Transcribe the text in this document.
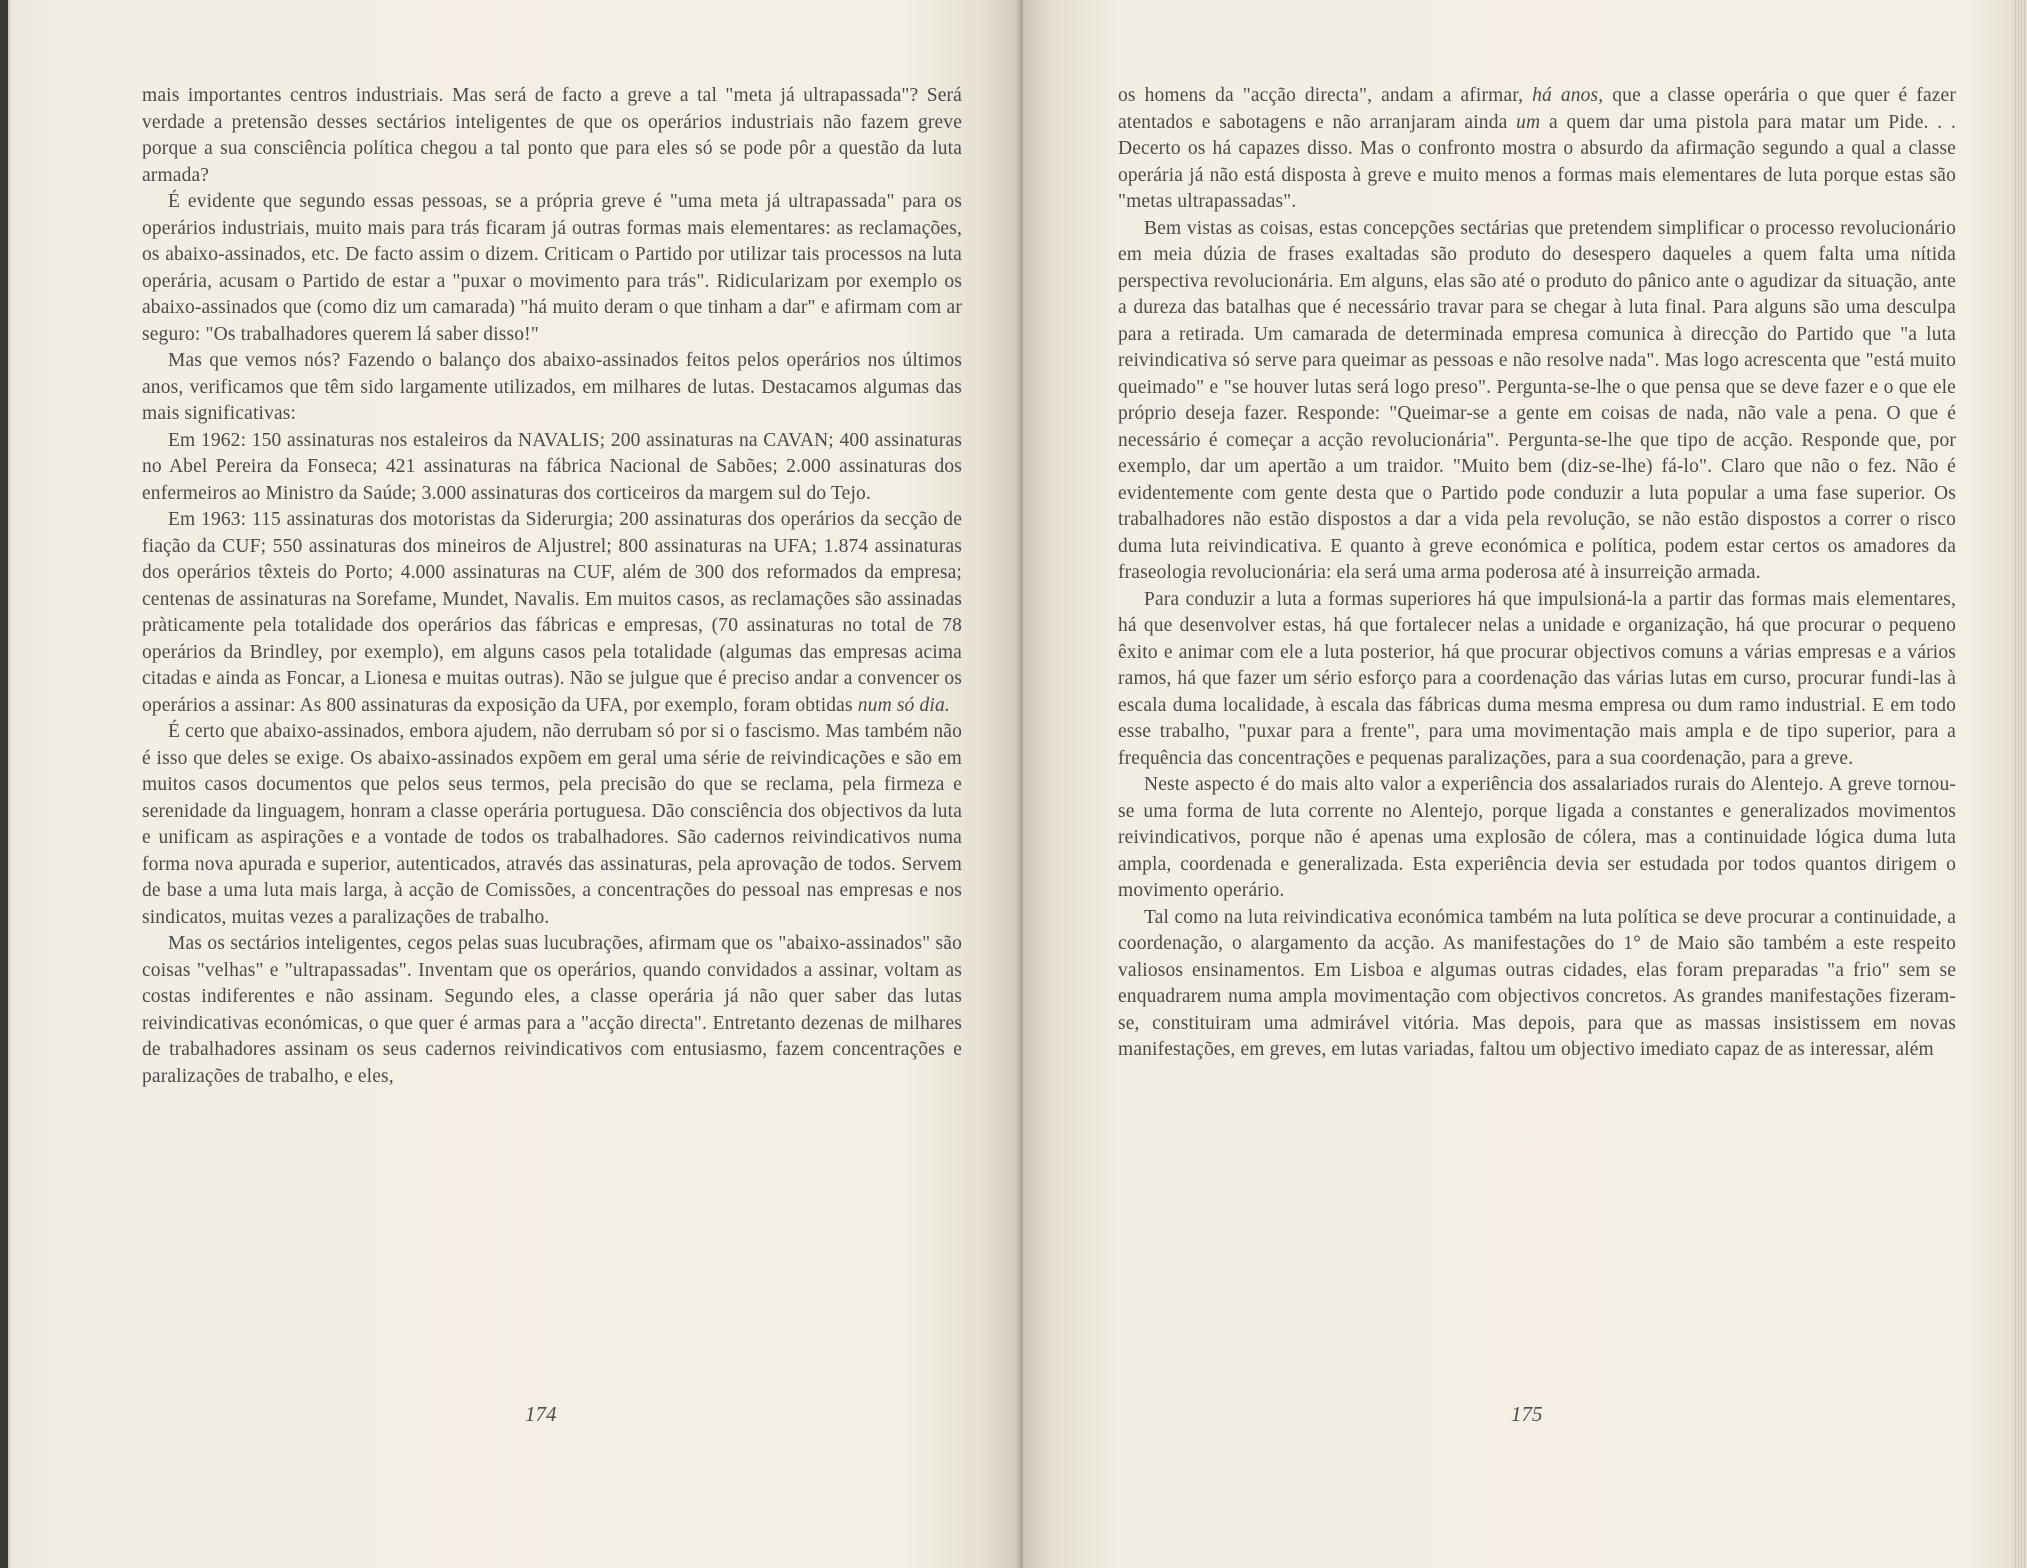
mais importantes centros industriais. Mas será de facto a greve a tal "meta já ultrapassada"? Será verdade a pretensão desses sectários inteligentes de que os operários industriais não fazem greve porque a sua consciência política chegou a tal ponto que para eles só se pode pôr a questão da luta armada?

É evidente que segundo essas pessoas, se a própria greve é "uma meta já ultrapassada" para os operários industriais, muito mais para trás ficaram já outras formas mais elementares: as reclamações, os abaixo-assinados, etc. De facto assim o dizem. Criticam o Partido por utilizar tais processos na luta operária, acusam o Partido de estar a "puxar o movimento para trás". Ridicularizam por exemplo os abaixo-assinados que (como diz um camarada) "há muito deram o que tinham a dar" e afirmam com ar seguro: "Os trabalhadores querem lá saber disso!"

Mas que vemos nós? Fazendo o balanço dos abaixo-assinados feitos pelos operários nos últimos anos, verificamos que têm sido largamente utilizados, em milhares de lutas. Destacamos algumas das mais significativas:

Em 1962: 150 assinaturas nos estaleiros da NAVALIS; 200 assinaturas na CAVAN; 400 assinaturas no Abel Pereira da Fonseca; 421 assinaturas na fábrica Nacional de Sabões; 2.000 assinaturas dos enfermeiros ao Ministro da Saúde; 3.000 assinaturas dos corticeiros da margem sul do Tejo.

Em 1963: 115 assinaturas dos motoristas da Siderurgia; 200 assinaturas dos operários da secção de fiação da CUF; 550 assinaturas dos mineiros de Aljustrel; 800 assinaturas na UFA; 1.874 assinaturas dos operários têxteis do Porto; 4.000 assinaturas na CUF, além de 300 dos reformados da empresa; centenas de assinaturas na Sorefame, Mundet, Navalis. Em muitos casos, as reclamações são assinadas pràticamente pela totalidade dos operários das fábricas e empresas, (70 assinaturas no total de 78 operários da Brindley, por exemplo), em alguns casos pela totalidade (algumas das empresas acima citadas e ainda as Foncar, a Lionesa e muitas outras). Não se julgue que é preciso andar a convencer os operários a assinar: As 800 assinaturas da exposição da UFA, por exemplo, foram obtidas num só dia.

É certo que abaixo-assinados, embora ajudem, não derrubam só por si o fascismo. Mas também não é isso que deles se exige. Os abaixo-assinados expõem em geral uma série de reivindicações e são em muitos casos documentos que pelos seus termos, pela precisão do que se reclama, pela firmeza e serenidade da linguagem, honram a classe operária portuguesa. Dão consciência dos objectivos da luta e unificam as aspirações e a vontade de todos os trabalhadores. São cadernos reivindicativos numa forma nova apurada e superior, autenticados, através das assinaturas, pela aprovação de todos. Servem de base a uma luta mais larga, à acção de Comissões, a concentrações do pessoal nas empresas e nos sindicatos, muitas vezes a paralizações de trabalho.

Mas os sectários inteligentes, cegos pelas suas lucubrações, afirmam que os "abaixo-assinados" são coisas "velhas" e "ultrapassadas". Inventam que os operários, quando convidados a assinar, voltam as costas indiferentes e não assinam. Segundo eles, a classe operária já não quer saber das lutas reivindicativas económicas, o que quer é armas para a "acção directa". Entretanto dezenas de milhares de trabalhadores assinam os seus cadernos reivindicativos com entusiasmo, fazem concentrações e paralizações de trabalho, e eles,

174

os homens da "acção directa", andam a afirmar, há anos, que a classe operária o que quer é fazer atentados e sabotagens e não arranjaram ainda um a quem dar uma pistola para matar um Pide. . . Decerto os há capazes disso. Mas o confronto mostra o absurdo da afirmação segundo a qual a classe operária já não está disposta à greve e muito menos a formas mais elementares de luta porque estas são "metas ultrapassadas".

Bem vistas as coisas, estas concepções sectárias que pretendem simplificar o processo revolucionário em meia dúzia de frases exaltadas são produto do desespero daqueles a quem falta uma nítida perspectiva revolucionária. Em alguns, elas são até o produto do pânico ante o agudizar da situação, ante a dureza das batalhas que é necessário travar para se chegar à luta final. Para alguns são uma desculpa para a retirada. Um camarada de determinada empresa comunica à direcção do Partido que "a luta reivindicativa só serve para queimar as pessoas e não resolve nada". Mas logo acrescenta que "está muito queimado" e "se houver lutas será logo preso". Pergunta-se-lhe o que pensa que se deve fazer e o que ele próprio deseja fazer. Responde: "Queimar-se a gente em coisas de nada, não vale a pena. O que é necessário é começar a acção revolucionária". Pergunta-se-lhe que tipo de acção. Responde que, por exemplo, dar um apertão a um traidor. "Muito bem (diz-se-lhe) fá-lo". Claro que não o fez. Não é evidentemente com gente desta que o Partido pode conduzir a luta popular a uma fase superior. Os trabalhadores não estão dispostos a dar a vida pela revolução, se não estão dispostos a correr o risco duma luta reivindicativa. E quanto à greve económica e política, podem estar certos os amadores da fraseologia revolucionária: ela será uma arma poderosa até à insurreição armada.

Para conduzir a luta a formas superiores há que impulsioná-la a partir das formas mais elementares, há que desenvolver estas, há que fortalecer nelas a unidade e organização, há que procurar o pequeno êxito e animar com ele a luta posterior, há que procurar objectivos comuns a várias empresas e a vários ramos, há que fazer um sério esforço para a coordenação das várias lutas em curso, procurar fundi-las à escala duma localidade, à escala das fábricas duma mesma empresa ou dum ramo industrial. E em todo esse trabalho, "puxar para a frente", para uma movimentação mais ampla e de tipo superior, para a frequência das concentrações e pequenas paralizações, para a sua coordenação, para a greve.

Neste aspecto é do mais alto valor a experiência dos assalariados rurais do Alentejo. A greve tornou-se uma forma de luta corrente no Alentejo, porque ligada a constantes e generalizados movimentos reivindicativos, porque não é apenas uma explosão de cólera, mas a continuidade lógica duma luta ampla, coordenada e generalizada. Esta experiência devia ser estudada por todos quantos dirigem o movimento operário.

Tal como na luta reivindicativa económica também na luta política se deve procurar a continuidade, a coordenação, o alargamento da acção. As manifestações do 1° de Maio são também a este respeito valiosos ensinamentos. Em Lisboa e algumas outras cidades, elas foram preparadas "a frio" sem se enquadrarem numa ampla movimentação com objectivos concretos. As grandes manifestações fizeram-se, constituiram uma admirável vitória. Mas depois, para que as massas insistissem em novas manifestações, em greves, em lutas variadas, faltou um objectivo imediato capaz de as interessar, além

175
